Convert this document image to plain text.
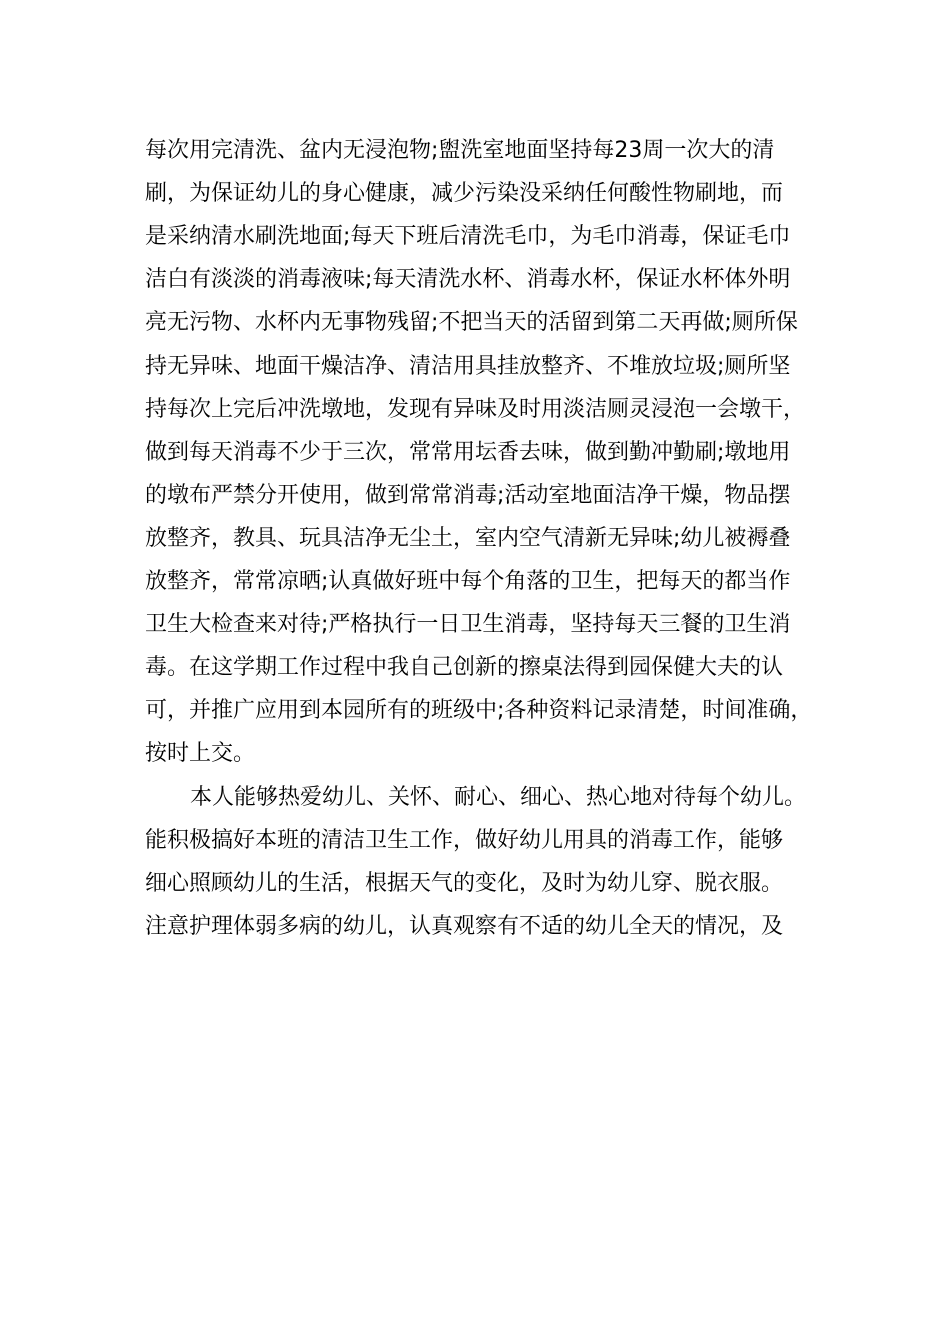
每次用完清洗、盆内无浸泡物;盥洗室地面坚持每23周一次大的清
刷，为保证幼儿的身心健康，减少污染没采纳任何酸性物刷地，而
是采纳清水刷洗地面;每天下班后清洗毛巾，为毛巾消毒，保证毛巾
洁白有淡淡的消毒液味;每天清洗水杯、消毒水杯，保证水杯体外明
亮无污物、水杯内无事物残留;不把当天的活留到第二天再做;厕所保
持无异味、地面干燥洁净、清洁用具挂放整齐、不堆放垃圾;厕所坚
持每次上完后冲洗墩地，发现有异味及时用淡洁厕灵浸泡一会墩干，
做到每天消毒不少于三次，常常用坛香去味，做到勤冲勤刷;墩地用
的墩布严禁分开使用，做到常常消毒;活动室地面洁净干燥，物品摆
放整齐，教具、玩具洁净无尘土，室内空气清新无异味;幼儿被褥叠
放整齐，常常凉晒;认真做好班中每个角落的卫生，把每天的都当作
卫生大检查来对待;严格执行一日卫生消毒，坚持每天三餐的卫生消
毒。在这学期工作过程中我自己创新的擦桌法得到园保健大夫的认
可，并推广应用到本园所有的班级中;各种资料记录清楚，时间准确，
按时上交。
本人能够热爱幼儿、关怀、耐心、细心、热心地对待每个幼儿。
能积极搞好本班的清洁卫生工作，做好幼儿用具的消毒工作，能够
细心照顾幼儿的生活，根据天气的变化，及时为幼儿穿、脱衣服。
注意护理体弱多病的幼儿，认真观察有不适的幼儿全天的情况，及
